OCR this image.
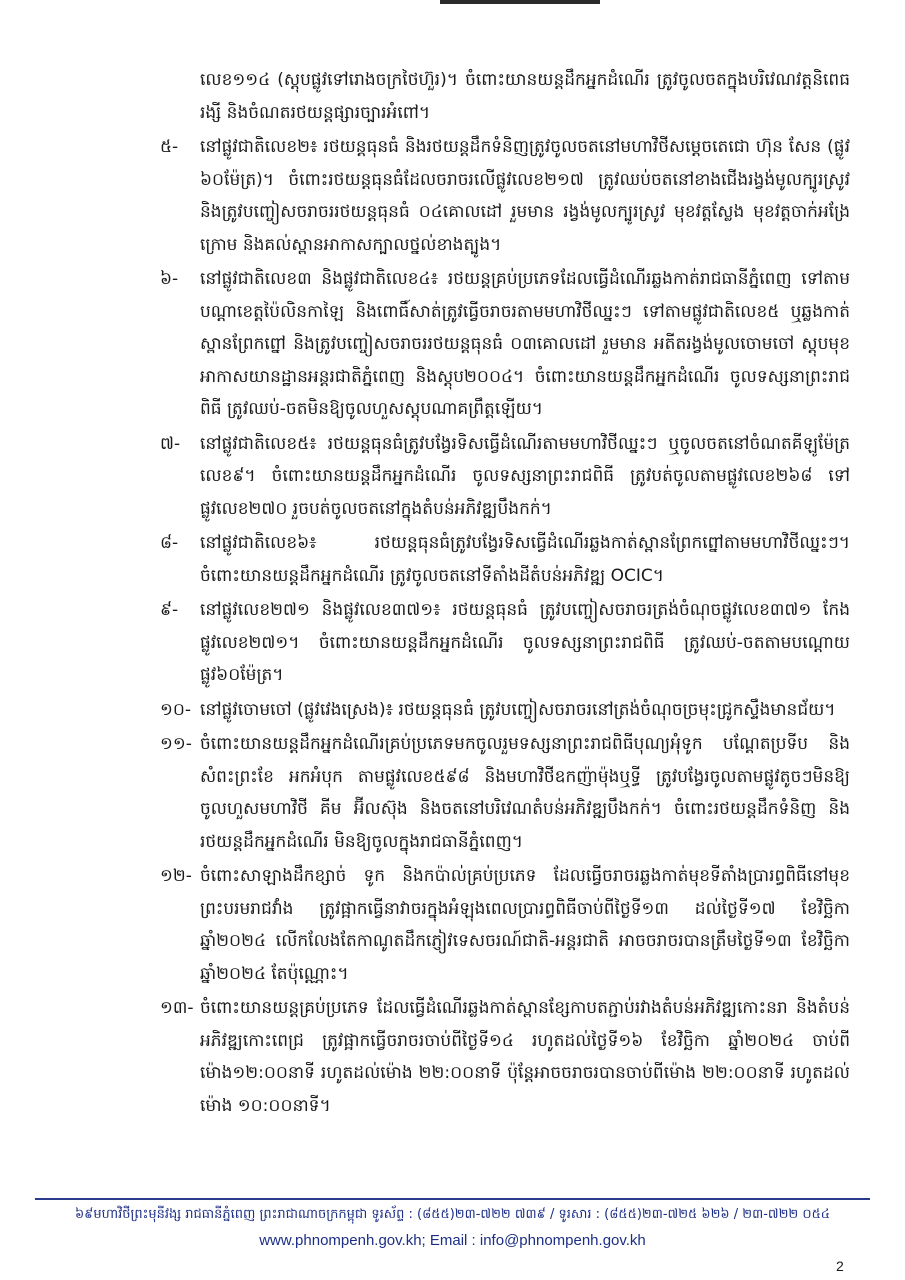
លេខ១១៤ (ស្តុបផ្លូវទៅរោងចក្រថៃហ៊ួរ)។ ចំពោះយានយន្តដឹកអ្នកដំណើរ ត្រូវចូលចតក្នុងបរិវេណវត្តនិពេធរង្សី និងចំណតរថយន្តផ្សារច្បារអំពៅ។

៥-	នៅផ្លូវជាតិលេខ២៖ រថយន្តធុនធំ និងរថយន្តដឹកទំនិញត្រូវចូលចតនៅមហាវិថីសម្តេចតេជោ ហ៊ុន សែន (ផ្លូវ ៦០ម៉ែត្រ)។ ចំពោះរថយន្តធុនធំដែលចរាចរលើផ្លូវលេខ២១៧ ត្រូវឈប់ចតនៅខាងជើងរង្វង់មូលក្បូរស្រូវ និងត្រូវបញ្ចៀសចរាចររថយន្តធុនធំ ០៤គោលដៅ រួមមាន រង្វង់មូលក្បូរស្រូវ មុខវត្តស្លែង មុខវត្តចាក់អង្រែក្រោម និងគល់ស្ពានអាកាសក្បាលថ្នល់ខាងត្បូង។
៦-	នៅផ្លូវជាតិលេខ៣ និងផ្លូវជាតិលេខ៤៖ រថយន្តគ្រប់ប្រភេទដែលធ្វើដំណើរឆ្លងកាត់រាជធានីភ្នំពេញ ទៅតាមបណ្តាខេត្តប៉ៃលិនកាឡៃ និងពោធិ៍សាត់ត្រូវធ្វើចរាចរតាមមហាវិថីឈ្នះៗ ទៅតាមផ្លូវជាតិលេខ៥ ឬឆ្លងកាត់ស្ពានព្រែកព្នៅ និងត្រូវបញ្ចៀសចរាចររថយន្តធុនធំ ០៣គោលដៅ រួមមាន អតីតរង្វង់មូលចោមចៅ ស្តុបមុខអាកាសយានដ្ឋានអន្តរជាតិភ្នំពេញ និងស្តុប២០០៤។ ចំពោះយានយន្តដឹកអ្នកដំណើរ ចូលទស្សនាព្រះរាជពិធី ត្រូវឈប់-ចតមិនឱ្យចូលហួសស្តុបណាគព្រឹត្តឡើយ។
៧-	នៅផ្លូវជាតិលេខ៥៖ រថយន្តធុនធំត្រូវបង្វែរទិសធ្វើដំណើរតាមមហាវិថីឈ្នះៗ ឬចូលចតនៅចំណតគីឡូម៉ែត្រលេខ៩។ ចំពោះយានយន្តដឹកអ្នកដំណើរ ចូលទស្សនាព្រះរាជពិធី ត្រូវបត់ចូលតាមផ្លូវលេខ២៦៨ ទៅផ្លូវលេខ២៧០ រួចបត់ចូលចតនៅក្នុងតំបន់អភិវឌ្ឍបឹងកក់។
៨-	នៅផ្លូវជាតិលេខ៦៖ រថយន្តធុនធំត្រូវបង្វែរទិសធ្វើដំណើរឆ្លងកាត់ស្ពានព្រែកព្នៅតាមមហាវិថីឈ្នះៗ។ ចំពោះយានយន្តដឹកអ្នកដំណើរ ត្រូវចូលចតនៅទីតាំងដីតំបន់អភិវឌ្ឍ OCIC។
៩-	នៅផ្លូវលេខ២៧១ និងផ្លូវលេខ៣៧១៖ រថយន្តធុនធំ ត្រូវបញ្ចៀសចរាចរត្រង់ចំណុចផ្លូវលេខ៣៧១ កែងផ្លូវលេខ២៧១។ ចំពោះយានយន្តដឹកអ្នកដំណើរ ចូលទស្សនាព្រះរាជពិធី ត្រូវឈប់-ចតតាមបណ្តោយផ្លូវ៦០ម៉ែត្រ។
១០- នៅផ្លូវចោមចៅ (ផ្លូវវេងស្រេង)៖ រថយន្តធុនធំ ត្រូវបញ្ចៀសចរាចរនៅត្រង់ចំណុចច្រមុះជ្រូកស្ទឹងមានជ័យ។
១១- ចំពោះយានយន្តដឹកអ្នកដំណើរគ្រប់ប្រភេទមកចូលរួមទស្សនាព្រះរាជពិធីបុណ្យអុំទូក បណ្តែតប្រទីប និងសំពះព្រះខែ អកអំបុក តាមផ្លូវលេខ៥៩៨ និងមហាវិថីឧកញ៉ាម៉ុងឬទ្ធី ត្រូវបង្វែរចូលតាមផ្លូវតូចៗមិនឱ្យចូលហួសមហាវិថី គីម អ៊ីលស៊ុង និងចតនៅបរិវេណតំបន់អភិវឌ្ឍបឹងកក់។ ចំពោះរថយន្តដឹកទំនិញ និងរថយន្តដឹកអ្នកដំណើរ មិនឱ្យចូលក្នុងរាជធានីភ្នំពេញ។
១២- ចំពោះសាឡាងដឹកខ្សាច់ ទូក និងកប៉ាល់គ្រប់ប្រភេទ ដែលធ្វើចរាចរឆ្លងកាត់មុខទីតាំងប្រារព្ធពិធីនៅមុខព្រះបរមរាជវាំង ត្រូវផ្អាកធ្វើនាវាចរក្នុងអំឡុងពេលប្រារព្ធពិធីចាប់ពីថ្ងៃទី១៣ ដល់ថ្ងៃទី១៧ ខែវិច្ឆិកា ឆ្នាំ២០២៤ លើកលែងតែកាណូតដឹកភ្ញៀវទេសចរណ៍ជាតិ-អន្តរជាតិ អាចចរាចរបានត្រឹមថ្ងៃទី១៣ ខែវិច្ឆិកា ឆ្នាំ២០២៤ តែប៉ុណ្ណោះ។
១៣- ចំពោះយានយន្តគ្រប់ប្រភេទ ដែលធ្វើដំណើរឆ្លងកាត់ស្ពានខ្សែកាបតភ្ជាប់រវាងតំបន់អភិវឌ្ឍកោះនរា និងតំបន់អភិវឌ្ឍកោះពេជ្រ ត្រូវផ្អាកធ្វើចរាចរចាប់ពីថ្ងៃទី១៤ រហូតដល់ថ្ងៃទី១៦ ខែវិច្ឆិកា ឆ្នាំ២០២៤ ចាប់ពីម៉ោង១២:០០នាទី រហូតដល់ម៉ោង ២២:០០នាទី ប៉ុន្តែអាចចរាចរបានចាប់ពីម៉ោង ២២:០០នាទី រហូតដល់ម៉ោង ១០:០០នាទី។
៦៩មហាវិថីព្រះមុនីវង្ស រាជធានីភ្នំពេញ ព្រះរាជាណាចក្រកម្ពុជា ទូរស័ព្ទ : (៨៥៥)២៣-៧២២ ៧៣៩ / ទូរសារ : (៨៥៥)២៣-៧២៥ ៦២៦ / ២៣-៧២២ ០៥៤
www.phnompenh.gov.kh; Email : info@phnompenh.gov.kh
2
